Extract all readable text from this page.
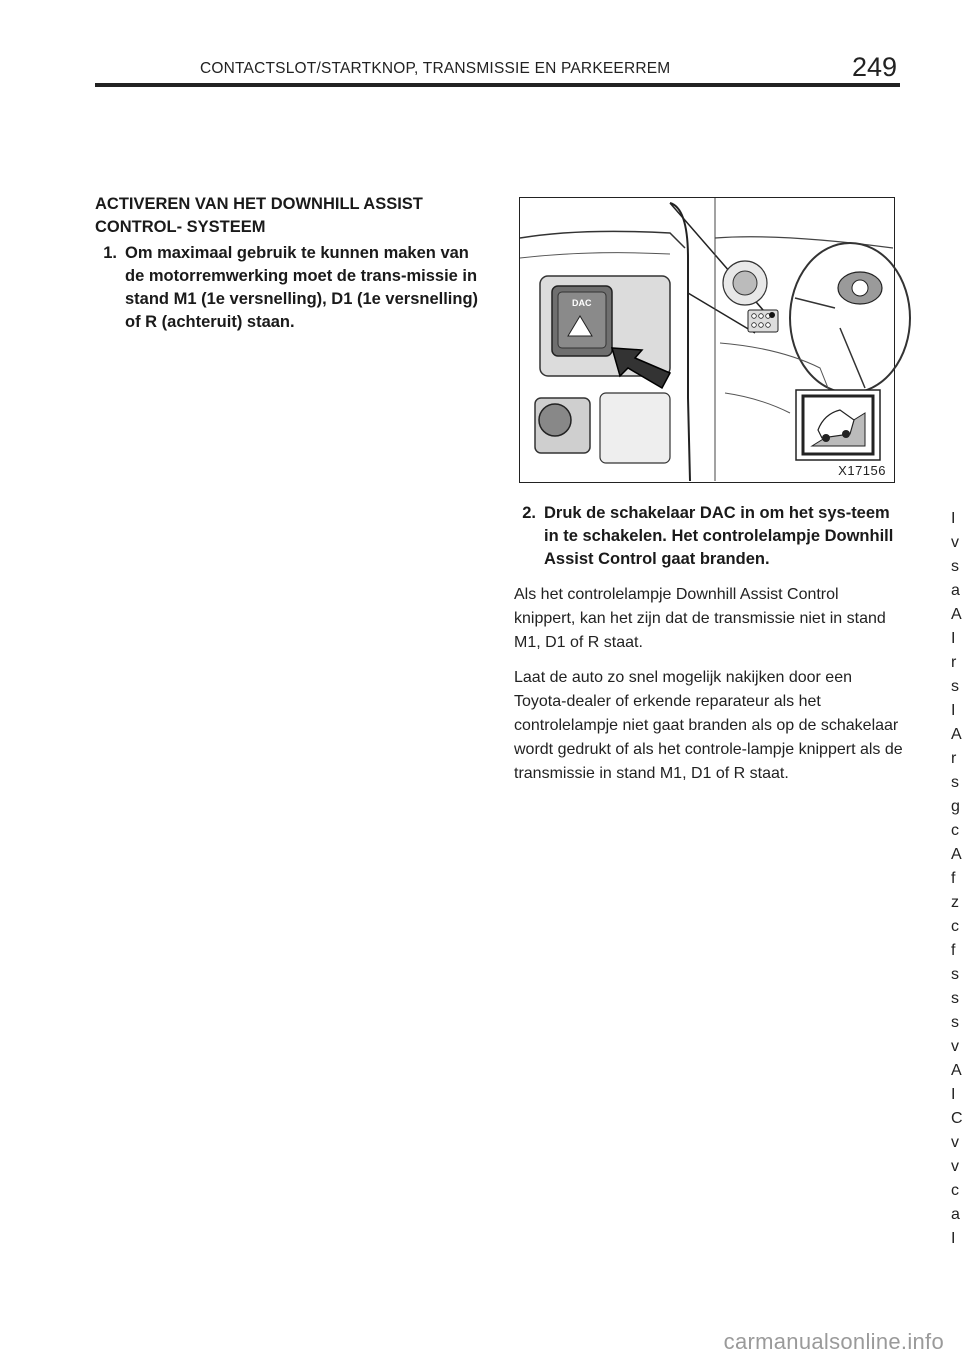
CONTACTSLOT/STARTKNOP, TRANSMISSIE EN PARKEERREM	249
ACTIVEREN VAN HET DOWNHILL ASSIST
CONTROL- SYSTEEM
1. Om maximaal gebruik te kunnen maken van de motorremwerking moet de trans-missie in stand M1 (1e versnelling), D1 (1e versnelling) of R (achteruit) staan.
DAC
X17156
2. Druk de schakelaar DAC in om het sys-teem in te schakelen. Het controlelampje Downhill Assist Control gaat branden.

Als het controlelampje Downhill Assist Control knippert, kan het zijn dat de transmissie niet in stand M1, D1 of R staat.

Laat de auto zo snel mogelijk nakijken door een Toyota-dealer of erkende reparateur als het controlelampje niet gaat branden als op de schakelaar wordt gedrukt of als het controle-lampje knippert als de transmissie in stand M1, D1 of R staat.

I
v
s
a
A
I
r
s
I
A
r
s
g
c
A
f
z
c
f
s
s
s
v
A
I
C
v
v
c
a
I
carmanualsonline.info
